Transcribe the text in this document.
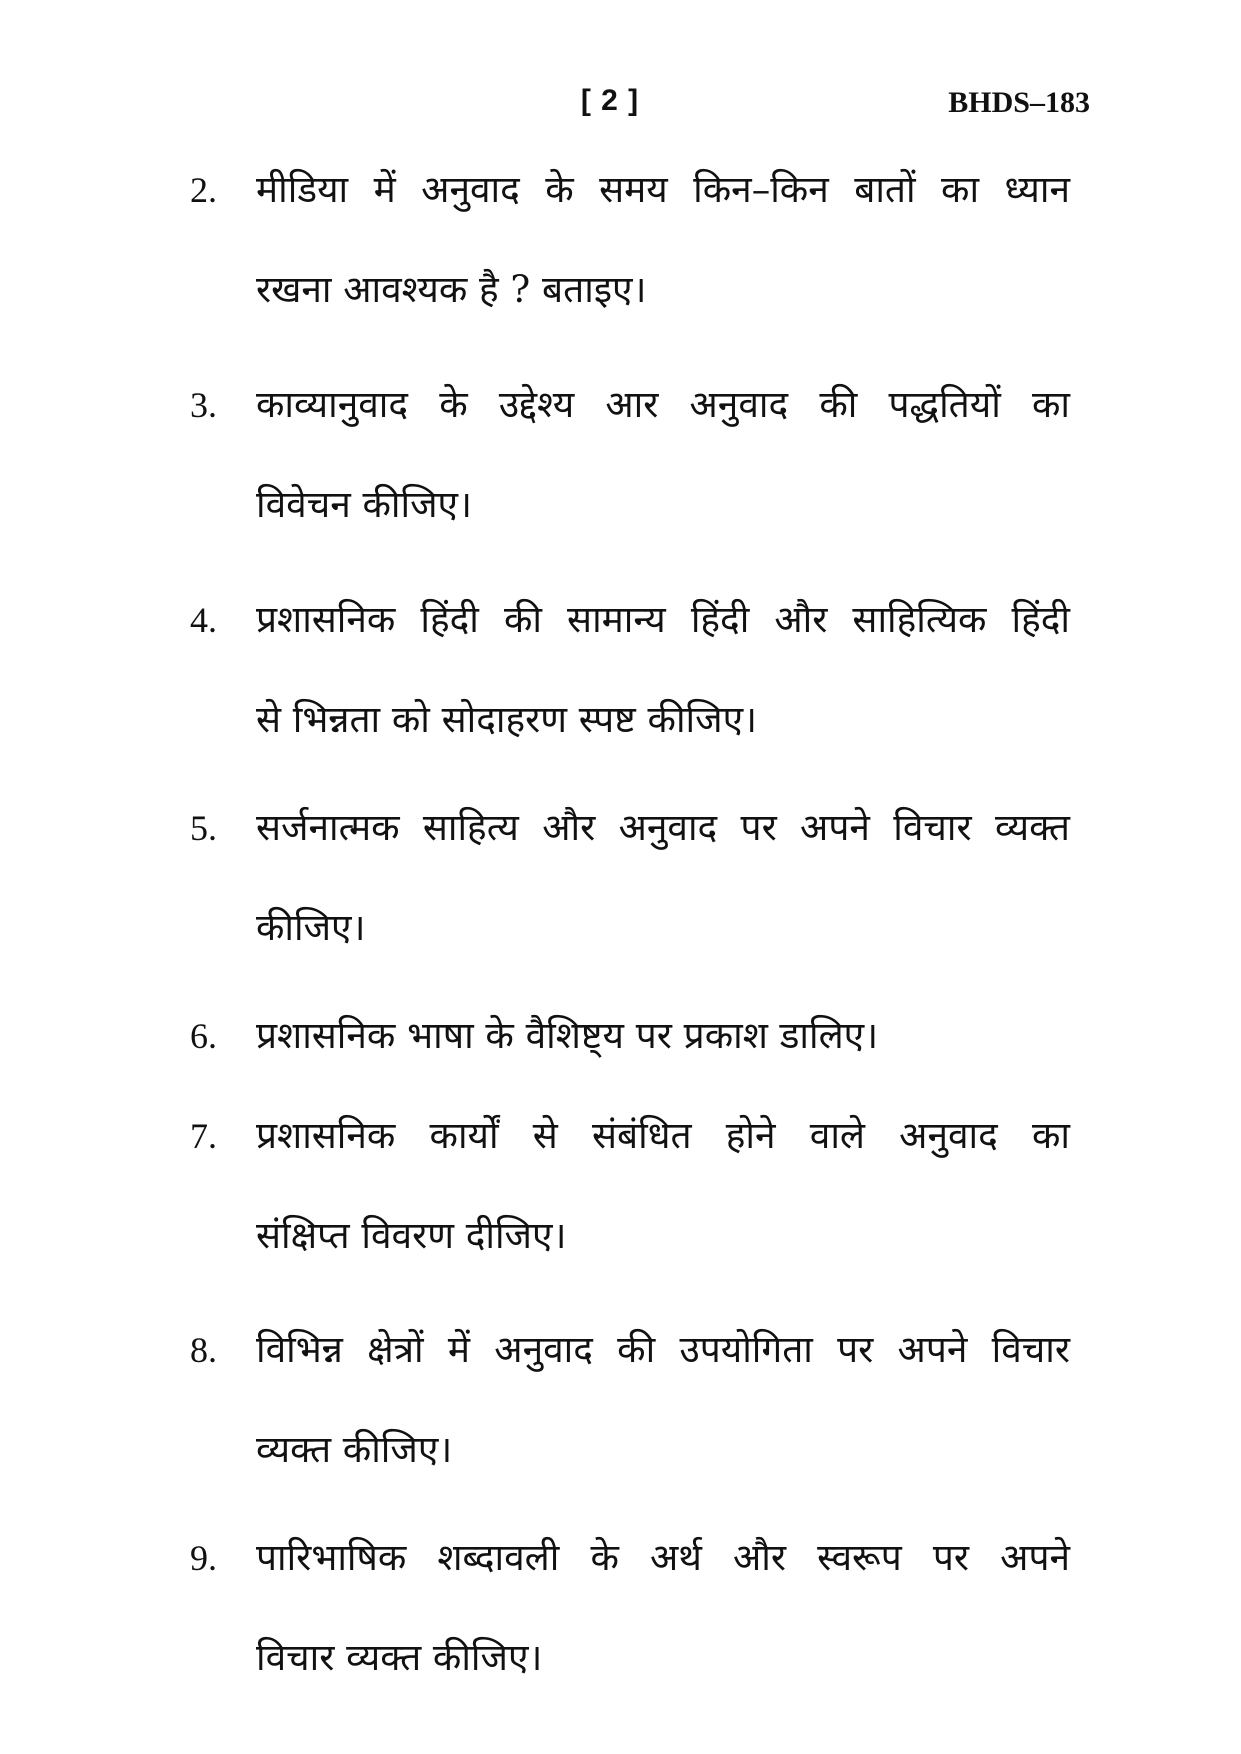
[ 2 ]	BHDS–183
2.	मीडिया में अनुवाद के समय किन–किन बातों का ध्यान
रखना आवश्यक है ? बताइए।
3.	काव्यानुवाद के उद्देश्य आर अनुवाद की पद्धतियों का
विवेचन कीजिए।
4.	प्रशासनिक हिंदी की सामान्य हिंदी और साहित्यिक हिंदी
से भिन्नता को सोदाहरण स्पष्ट कीजिए।
5.	सर्जनात्मक साहित्य और अनुवाद पर अपने विचार व्यक्त
कीजिए।
6.	प्रशासनिक भाषा के वैशिष्ट्य पर प्रकाश डालिए।
7.	प्रशासनिक कार्यों से संबंधित होने वाले अनुवाद का
संक्षिप्त विवरण दीजिए।
8.	विभिन्न क्षेत्रों में अनुवाद की उपयोगिता पर अपने विचार
व्यक्त कीजिए।
9.	पारिभाषिक शब्दावली के अर्थ और स्वरूप पर अपने
विचार व्यक्त कीजिए।
